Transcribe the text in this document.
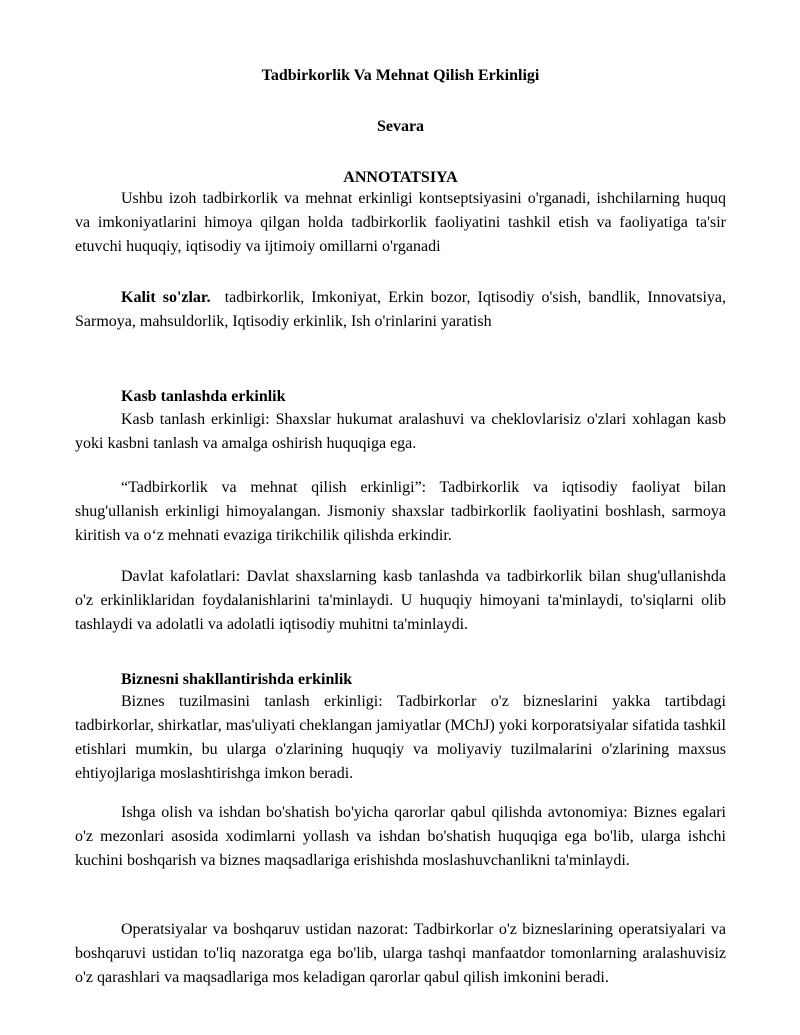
Tadbirkorlik Va Mehnat Qilish Erkinligi
Sevara
ANNOTATSIYA

Ushbu izoh tadbirkorlik va mehnat erkinligi kontseptsiyasini o'rganadi, ishchilarning huquq va imkoniyatlarini himoya qilgan holda tadbirkorlik faoliyatini tashkil etish va faoliyatiga ta'sir etuvchi huquqiy, iqtisodiy va ijtimoiy omillarni o'rganadi

Kalit so'zlar. tadbirkorlik, Imkoniyat, Erkin bozor, Iqtisodiy o'sish, bandlik, Innovatsiya, Sarmoya, mahsuldorlik, Iqtisodiy erkinlik, Ish o'rinlarini yaratish

Kasb tanlashda erkinlik

Kasb tanlash erkinligi: Shaxslar hukumat aralashuvi va cheklovlarisiz o'zlari xohlagan kasb yoki kasbni tanlash va amalga oshirish huquqiga ega.

“Tadbirkorlik va mehnat qilish erkinligi”: Tadbirkorlik va iqtisodiy faoliyat bilan shug'ullanish erkinligi himoyalangan. Jismoniy shaxslar tadbirkorlik faoliyatini boshlash, sarmoya kiritish va o‘z mehnati evaziga tirikchilik qilishda erkindir.

Davlat kafolatlari: Davlat shaxslarning kasb tanlashda va tadbirkorlik bilan shug'ullanishda o'z erkinliklaridan foydalanishlarini ta'minlaydi. U huquqiy himoyani ta'minlaydi, to'siqlarni olib tashlaydi va adolatli va adolatli iqtisodiy muhitni ta'minlaydi.

Biznesni shakllantirishda erkinlik

Biznes tuzilmasini tanlash erkinligi: Tadbirkorlar o'z bizneslarini yakka tartibdagi tadbirkorlar, shirkatlar, mas'uliyati cheklangan jamiyatlar (MChJ) yoki korporatsiyalar sifatida tashkil etishlari mumkin, bu ularga o'zlarining huquqiy va moliyaviy tuzilmalarini o'zlarining maxsus ehtiyojlariga moslashtirishga imkon beradi.

Ishga olish va ishdan bo'shatish bo'yicha qarorlar qabul qilishda avtonomiya: Biznes egalari o'z mezonlari asosida xodimlarni yollash va ishdan bo'shatish huquqiga ega bo'lib, ularga ishchi kuchini boshqarish va biznes maqsadlariga erishishda moslashuvchanlikni ta'minlaydi.

Operatsiyalar va boshqaruv ustidan nazorat: Tadbirkorlar o'z bizneslarining operatsiyalari va boshqaruvi ustidan to'liq nazoratga ega bo'lib, ularga tashqi manfaatdor tomonlarning aralashuvisiz o'z qarashlari va maqsadlariga mos keladigan qarorlar qabul qilish imkonini beradi.
